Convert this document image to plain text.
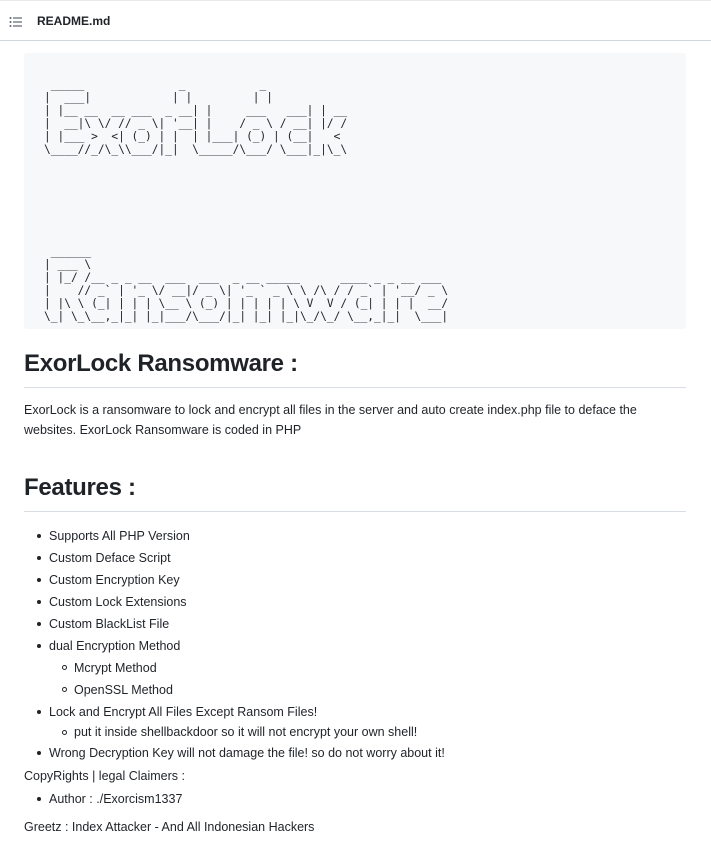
README.md
_____              _           _
|  ___|            | |         | |
| |__ __  __ ___  _ __| |     ___   ___| | __
|  __|\ \/ // _ \| '__| |    / _ \ / __| |/ /
| |___ >  <| (_) | |  | |___| (_) | (__|   <
\____//_/\_\\___/|_|  \_____/\___/ \___|_|\_\
______
| ___ \
| |_/ /__ _ _ __  ___  ___  _ __ _____      ____ _ _ __ ___
|    // _` | '_ \/ __|/ _ \| '_ ` _ \ \ /\ / / _` | '__/ _ \
| |\ \ (_| | | | \__ \ (_) | | | | | \ V  V / (_| | | |  __/
\_| \_\__,_|_| |_|___/\___/|_| |_| |_|\_/\_/ \__,_|_|  \___|
ExorLock Ransomware :
ExorLock is a ransomware to lock and encrypt all files in the server and auto create index.php file to deface the websites. ExorLock Ransomware is coded in PHP
Features :
Supports All PHP Version
Custom Deface Script
Custom Encryption Key
Custom Lock Extensions
Custom BlackList File
dual Encryption Method
Mcrypt Method
OpenSSL Method
Lock and Encrypt All Files Except Ransom Files!
put it inside shellbackdoor so it will not encrypt your own shell!
Wrong Decryption Key will not damage the file! so do not worry about it!
CopyRights | legal Claimers :
Author : ./Exorcism1337
Greetz : Index Attacker - And All Indonesian Hackers
